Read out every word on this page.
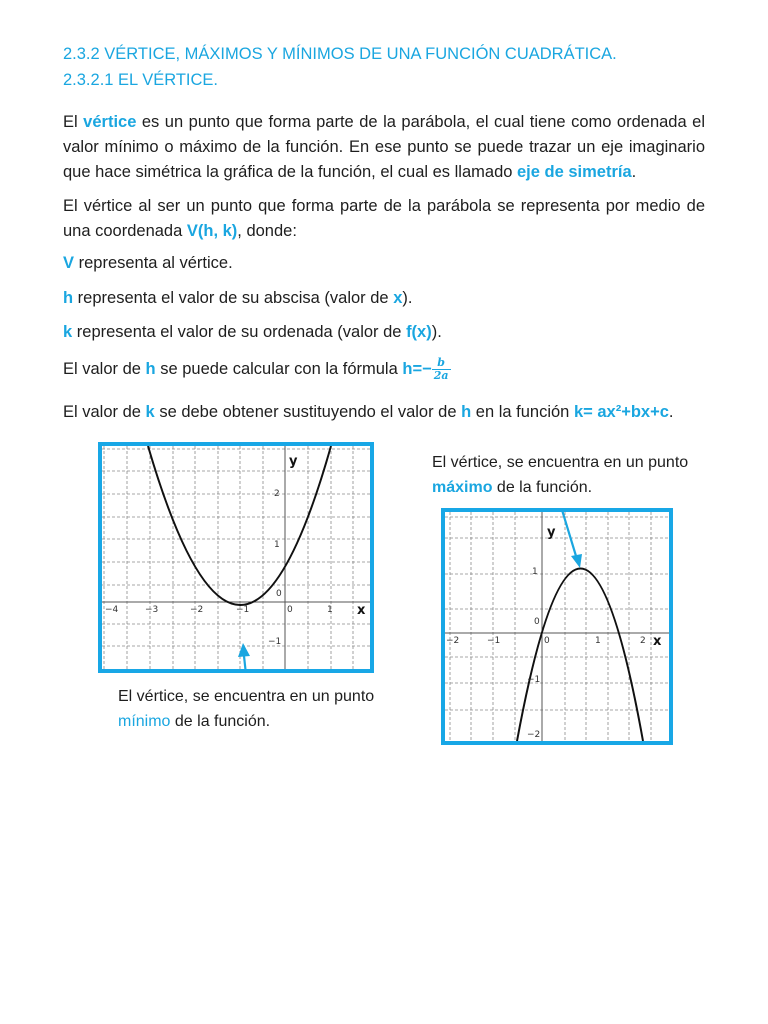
2.3.2 VÉRTICE, MÁXIMOS Y MÍNIMOS DE UNA FUNCIÓN CUADRÁTICA.
2.3.2.1 EL VÉRTICE.
El vértice es un punto que forma parte de la parábola, el cual tiene como ordenada el valor mínimo o máximo de la función. En ese punto se puede trazar un eje imaginario que hace simétrica la gráfica de la función, el cual es llamado eje de simetría.
El vértice al ser un punto que forma parte de la parábola se representa por medio de una coordenada V(h, k), donde:
V representa al vértice.
h representa el valor de su abscisa (valor de x).
k representa el valor de su ordenada (valor de f(x)).
El valor de h se puede calcular con la fórmula $h=- \frac{b}{2a}$
El valor de k se debe obtener sustituyendo el valor de h en la función k= ax²+bx+c.
−4	−3	−2	−1	0	1
2
1
0
−1
y
x
El vértice, se encuentra en un punto
mínimo de la función.
El vértice, se encuentra en un punto
máximo de la función.
−2	−1	0	1	2
1
0
−1
−2
y
x
